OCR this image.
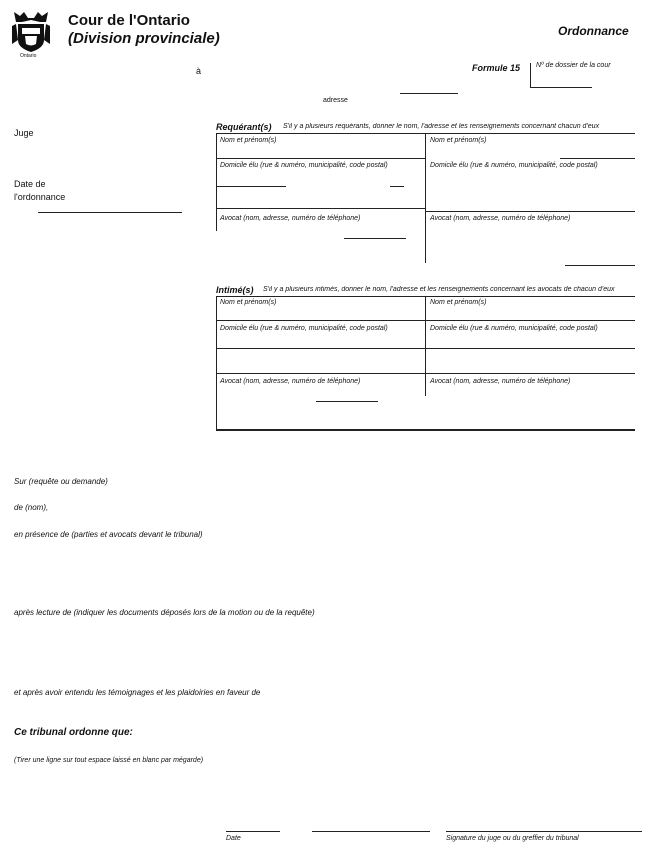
Ontario
Cour de l'Ontario
(Division provinciale)	Ordonnance
à	Formule 15 Nº de dossier de la cour
adresse
Juge
Date de
l'ordonnance
Requérant(s) S'il y a plusieurs requérants, donner le nom, l'adresse et les renseignements concernant chacun d'eux
Nom et prénom(s)	Nom et prénom(s)
Domicile élu (rue & numéro, municipalité, code postal)	Domicile élu (rue & numéro, municipalité, code postal)
Avocat (nom, adresse, numéro de téléphone)	Avocat (nom, adresse, numéro de téléphone)
Intimé(s) S'il y a plusieurs intimés, donner le nom, l'adresse et les renseignements concernant les avocats de chacun d'eux
Nom et prénom(s)	Nom et prénom(s)
Domicile élu (rue & numéro, municipalité, code postal)	Domicile élu (rue & numéro, municipalité, code postal)
Avocat (nom, adresse, numéro de téléphone)	Avocat (nom, adresse, numéro de téléphone)
Sur (requête ou demande)
de (nom),
en présence de (parties et avocats devant le tribunal)
après lecture de (indiquer les documents déposés lors de la motion ou de la requête)
et après avoir entendu les témoignages et les plaidoiries en faveur de
Ce tribunal ordonne que:
(Tirer une ligne sur tout espace laissé en blanc par mégarde)
Date	Signature du juge ou du greffier du tribunal
